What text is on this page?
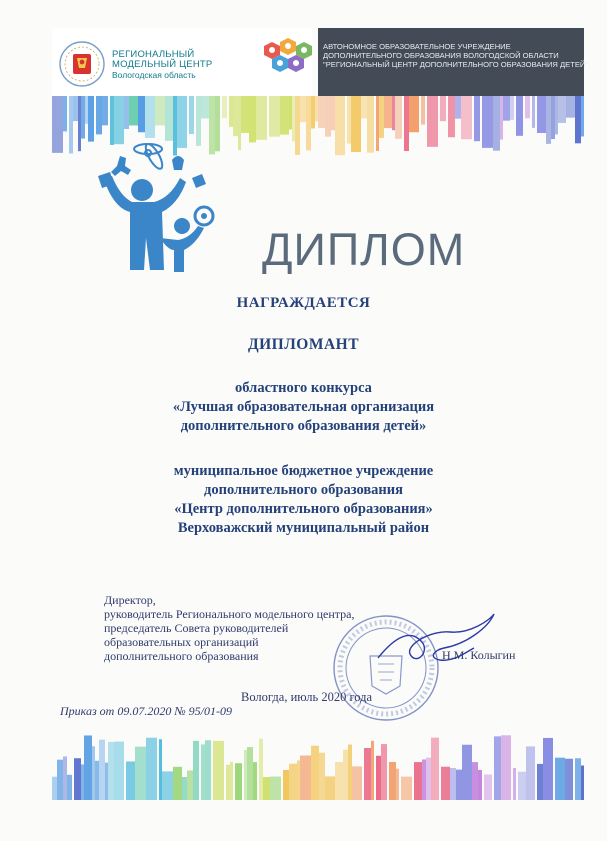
РЕГИОНАЛЬНЫЙ
МОДЕЛЬНЫЙ ЦЕНТР
Вологодская область
АВТОНОМНОЕ ОБРАЗОВАТЕЛЬНОЕ УЧРЕЖДЕНИЕ
ДОПОЛНИТЕЛЬНОГО ОБРАЗОВАНИЯ ВОЛОГОДСКОЙ ОБЛАСТИ
"РЕГИОНАЛЬНЫЙ ЦЕНТР ДОПОЛНИТЕЛЬНОГО ОБРАЗОВАНИЯ ДЕТЕЙ"
ДИПЛОМ
НАГРАЖДАЕТСЯ
ДИПЛОМАНТ
областного конкурса
«Лучшая образовательная организация
дополнительного образования детей»
муниципальное бюджетное учреждение
дополнительного образования
«Центр дополнительного образования»
Верховажский муниципальный район
Директор,
руководитель Регионального модельного центра,
председатель Совета руководителей
образовательных организаций
дополнительного образования	Н.М. Колыгин
Вологда, июль 2020 года
Приказ от 09.07.2020 № 95/01-09
